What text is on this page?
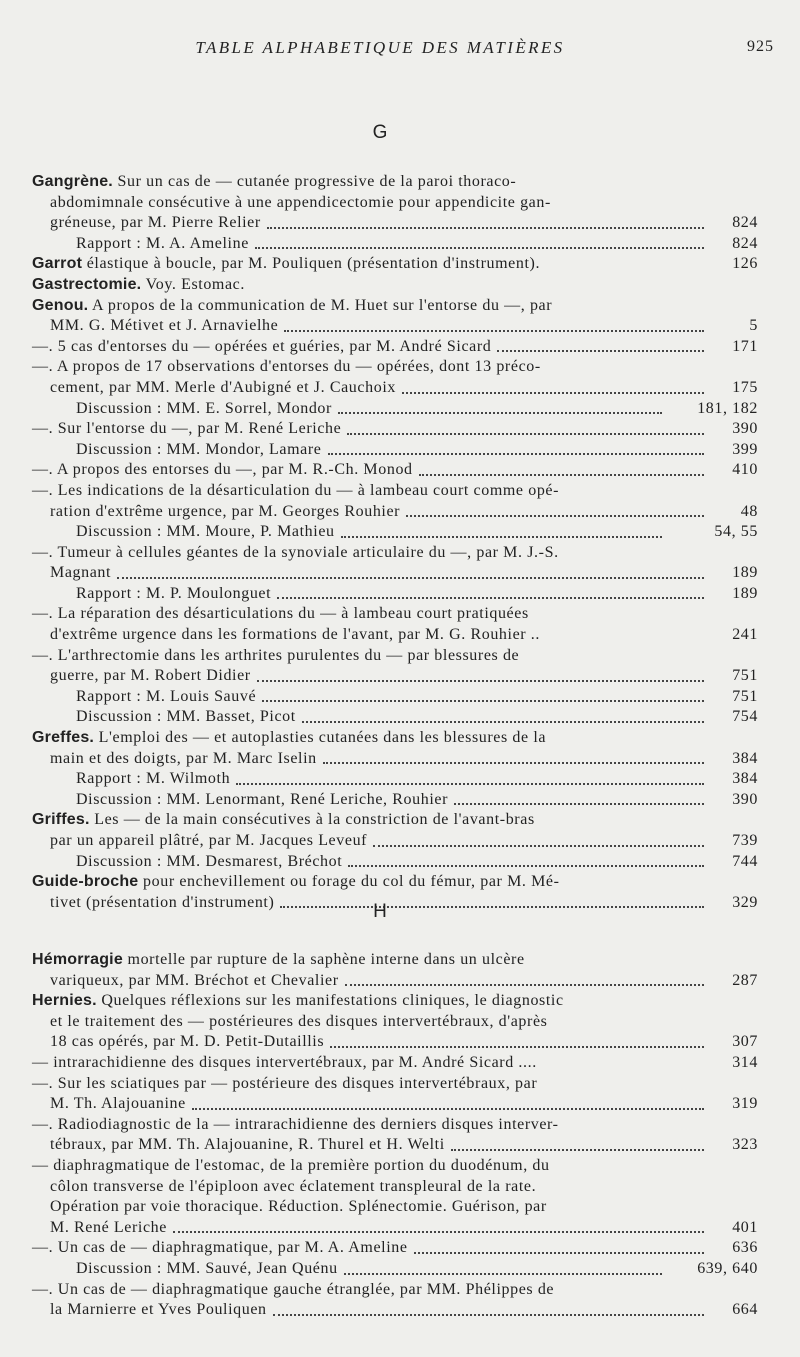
TABLE ALPHABETIQUE DES MATIÈRES	925
G
Gangrène. Sur un cas de — cutanée progressive de la paroi thoraco-
abdomimnale consécutive à une appendicectomie pour appendicite gan-
gréneuse, par M. Pierre Relier	824
Rapport : M. A. Ameline	824
Garrot élastique à boucle, par M. Pouliquen (présentation d'instrument).	126
Gastrectomie. Voy. Estomac.
Genou. A propos de la communication de M. Huet sur l'entorse du —, par
MM. G. Métivet et J. Arnavielhe	5
—. 5 cas d'entorses du — opérées et guéries, par M. André Sicard	171
—. A propos de 17 observations d'entorses du — opérées, dont 13 préco-
cement, par MM. Merle d'Aubigné et J. Cauchoix	175
Discussion : MM. E. Sorrel, Mondor	181, 182
—. Sur l'entorse du —, par M. René Leriche	390
Discussion : MM. Mondor, Lamare	399
—. A propos des entorses du —, par M. R.-Ch. Monod	410
—. Les indications de la désarticulation du — à lambeau court comme opé-
ration d'extrême urgence, par M. Georges Rouhier	48
Discussion : MM. Moure, P. Mathieu	54, 55
—. Tumeur à cellules géantes de la synoviale articulaire du —, par M. J.-S.
Magnant	189
Rapport : M. P. Moulonguet	189
—. La réparation des désarticulations du — à lambeau court pratiquées
d'extrême urgence dans les formations de l'avant, par M. G. Rouhier ..	241
—. L'arthrectomie dans les arthrites purulentes du — par blessures de
guerre, par M. Robert Didier	751
Rapport : M. Louis Sauvé	751
Discussion : MM. Basset, Picot	754
Greffes. L'emploi des — et autoplasties cutanées dans les blessures de la
main et des doigts, par M. Marc Iselin	384
Rapport : M. Wilmoth	384
Discussion : MM. Lenormant, René Leriche, Rouhier	390
Griffes. Les — de la main consécutives à la constriction de l'avant-bras
par un appareil plâtré, par M. Jacques Leveuf	739
Discussion : MM. Desmarest, Bréchot	744
Guide-broche pour enchevillement ou forage du col du fémur, par M. Mé-
tivet (présentation d'instrument)	329
H
Hémorragie mortelle par rupture de la saphène interne dans un ulcère
variqueux, par MM. Bréchot et Chevalier	287
Hernies. Quelques réflexions sur les manifestations cliniques, le diagnostic
et le traitement des — postérieures des disques intervertébraux, d'après
18 cas opérés, par M. D. Petit-Dutaillis	307
— intrarachidienne des disques intervertébraux, par M. André Sicard ....	314
—. Sur les sciatiques par — postérieure des disques intervertébraux, par
M. Th. Alajouanine	319
—. Radiodiagnostic de la — intrarachidienne des derniers disques interver-
tébraux, par MM. Th. Alajouanine, R. Thurel et H. Welti	323
— diaphragmatique de l'estomac, de la première portion du duodénum, du
côlon transverse de l'épiploon avec éclatement transpleural de la rate.
Opération par voie thoracique. Réduction. Splénectomie. Guérison, par
M. René Leriche	401
—. Un cas de — diaphragmatique, par M. A. Ameline	636
Discussion : MM. Sauvé, Jean Quénu	639, 640
—. Un cas de — diaphragmatique gauche étranglée, par MM. Phélippes de
la Marnierre et Yves Pouliquen	664
